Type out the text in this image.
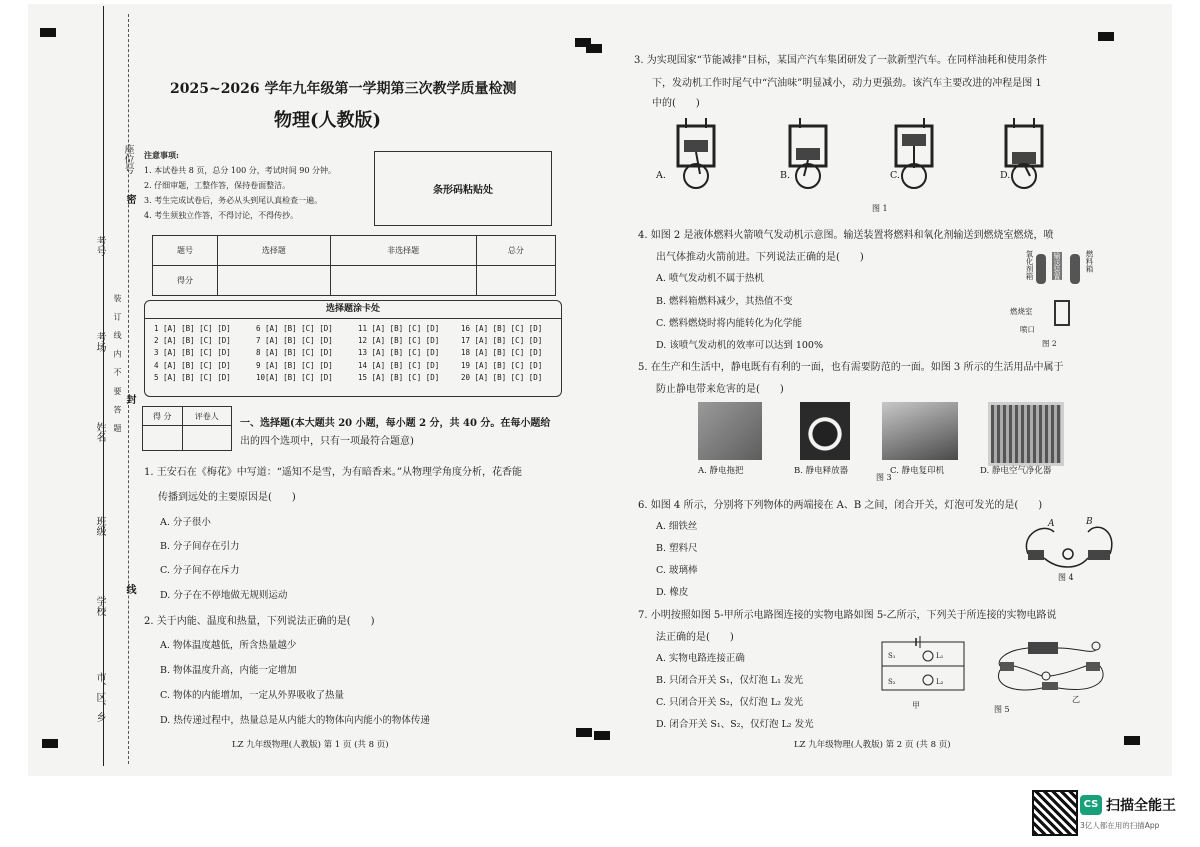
座位号
考号
考场
姓名
班级
学校
市、区、乡
密
封
线
装 订 线 内 不 要 答 题
2025~2026 学年九年级第一学期第三次教学质量检测
物理(人教版)
注意事项:
1. 本试卷共 8 页，总分 100 分，考试时间 90 分钟。
2. 仔细审题，工整作答，保持卷面整洁。
3. 考生完成试卷后，务必从头到尾认真检查一遍。
4. 考生须独立作答，不得讨论，不得传抄。
条形码粘贴处
题号	选择题	非选择题	总分
得分			
选择题涂卡处
1 [A] [B] [C] [D]
2 [A] [B] [C] [D]
3 [A] [B] [C] [D]
4 [A] [B] [C] [D]
5 [A] [B] [C] [D]
6 [A] [B] [C] [D]
7 [A] [B] [C] [D]
8 [A] [B] [C] [D]
9 [A] [B] [C] [D]
10[A] [B] [C] [D]
11 [A] [B] [C] [D]
12 [A] [B] [C] [D]
13 [A] [B] [C] [D]
14 [A] [B] [C] [D]
15 [A] [B] [C] [D]
16 [A] [B] [C] [D]
17 [A] [B] [C] [D]
18 [A] [B] [C] [D]
19 [A] [B] [C] [D]
20 [A] [B] [C] [D]
得 分	评卷人

一、选择题(本大题共 20 小题，每小题 2 分，共 40 分。在每小题给
出的四个选项中，只有一项最符合题意)
1. 王安石在《梅花》中写道：“遥知不是雪，为有暗香来。”从物理学角度分析，花香能
传播到远处的主要原因是(　　)
A. 分子很小
B. 分子间存在引力
C. 分子间存在斥力
D. 分子在不停地做无规则运动
2. 关于内能、温度和热量，下列说法正确的是(　　)
A. 物体温度越低，所含热量越少
B. 物体温度升高，内能一定增加
C. 物体的内能增加，一定从外界吸收了热量
D. 热传递过程中，热量总是从内能大的物体向内能小的物体传递
LZ 九年级物理(人教版) 第 1 页 (共 8 页)
3. 为实现国家“节能减排”目标，某国产汽车集团研发了一款新型汽车。在同样油耗和使用条件
下，发动机工作时尾气中“汽油味”明显减小，动力更强劲。该汽车主要改进的冲程是图 1
中的(　　)
A.	B.	C.	D.
图 1
4. 如图 2 是液体燃料火箭喷气发动机示意图。输送装置将燃料和氧化剂输送到燃烧室燃烧，喷
出气体推动火箭前进。下列说法正确的是(　　)
A. 喷气发动机不属于热机
B. 燃料箱燃料减少，其热值不变
C. 燃料燃烧时将内能转化为化学能
D. 该喷气发动机的效率可以达到 100%
氧化剂箱	输送装置	燃料箱
燃烧室
喷口
图 2
5. 在生产和生活中，静电既有有利的一面，也有需要防范的一面。如图 3 所示的生活用品中属于
防止静电带来危害的是(　　)
A. 静电拖把	B. 静电释放器	C. 静电复印机	D. 静电空气净化器
图 3
6. 如图 4 所示，分别将下列物体的两端接在 A、B 之间，闭合开关，灯泡可发光的是(　　)
A. 细铁丝
B. 塑料尺
C. 玻璃棒
D. 橡皮
A	B
图 4
7. 小明按照如图 5-甲所示电路图连接的实物电路如图 5-乙所示，下列关于所连接的实物电路说
法正确的是(　　)
A. 实物电路连接正确
B. 只闭合开关 S₁，仅灯泡 L₁ 发光
C. 只闭合开关 S₂，仅灯泡 L₂ 发光
D. 闭合开关 S₁、S₂，仅灯泡 L₂ 发光
S₁
S₂
L₁
L₂
甲
乙
图 5
LZ 九年级物理(人教版) 第 2 页 (共 8 页)
CS 扫描全能王
3亿人都在用的扫描App
